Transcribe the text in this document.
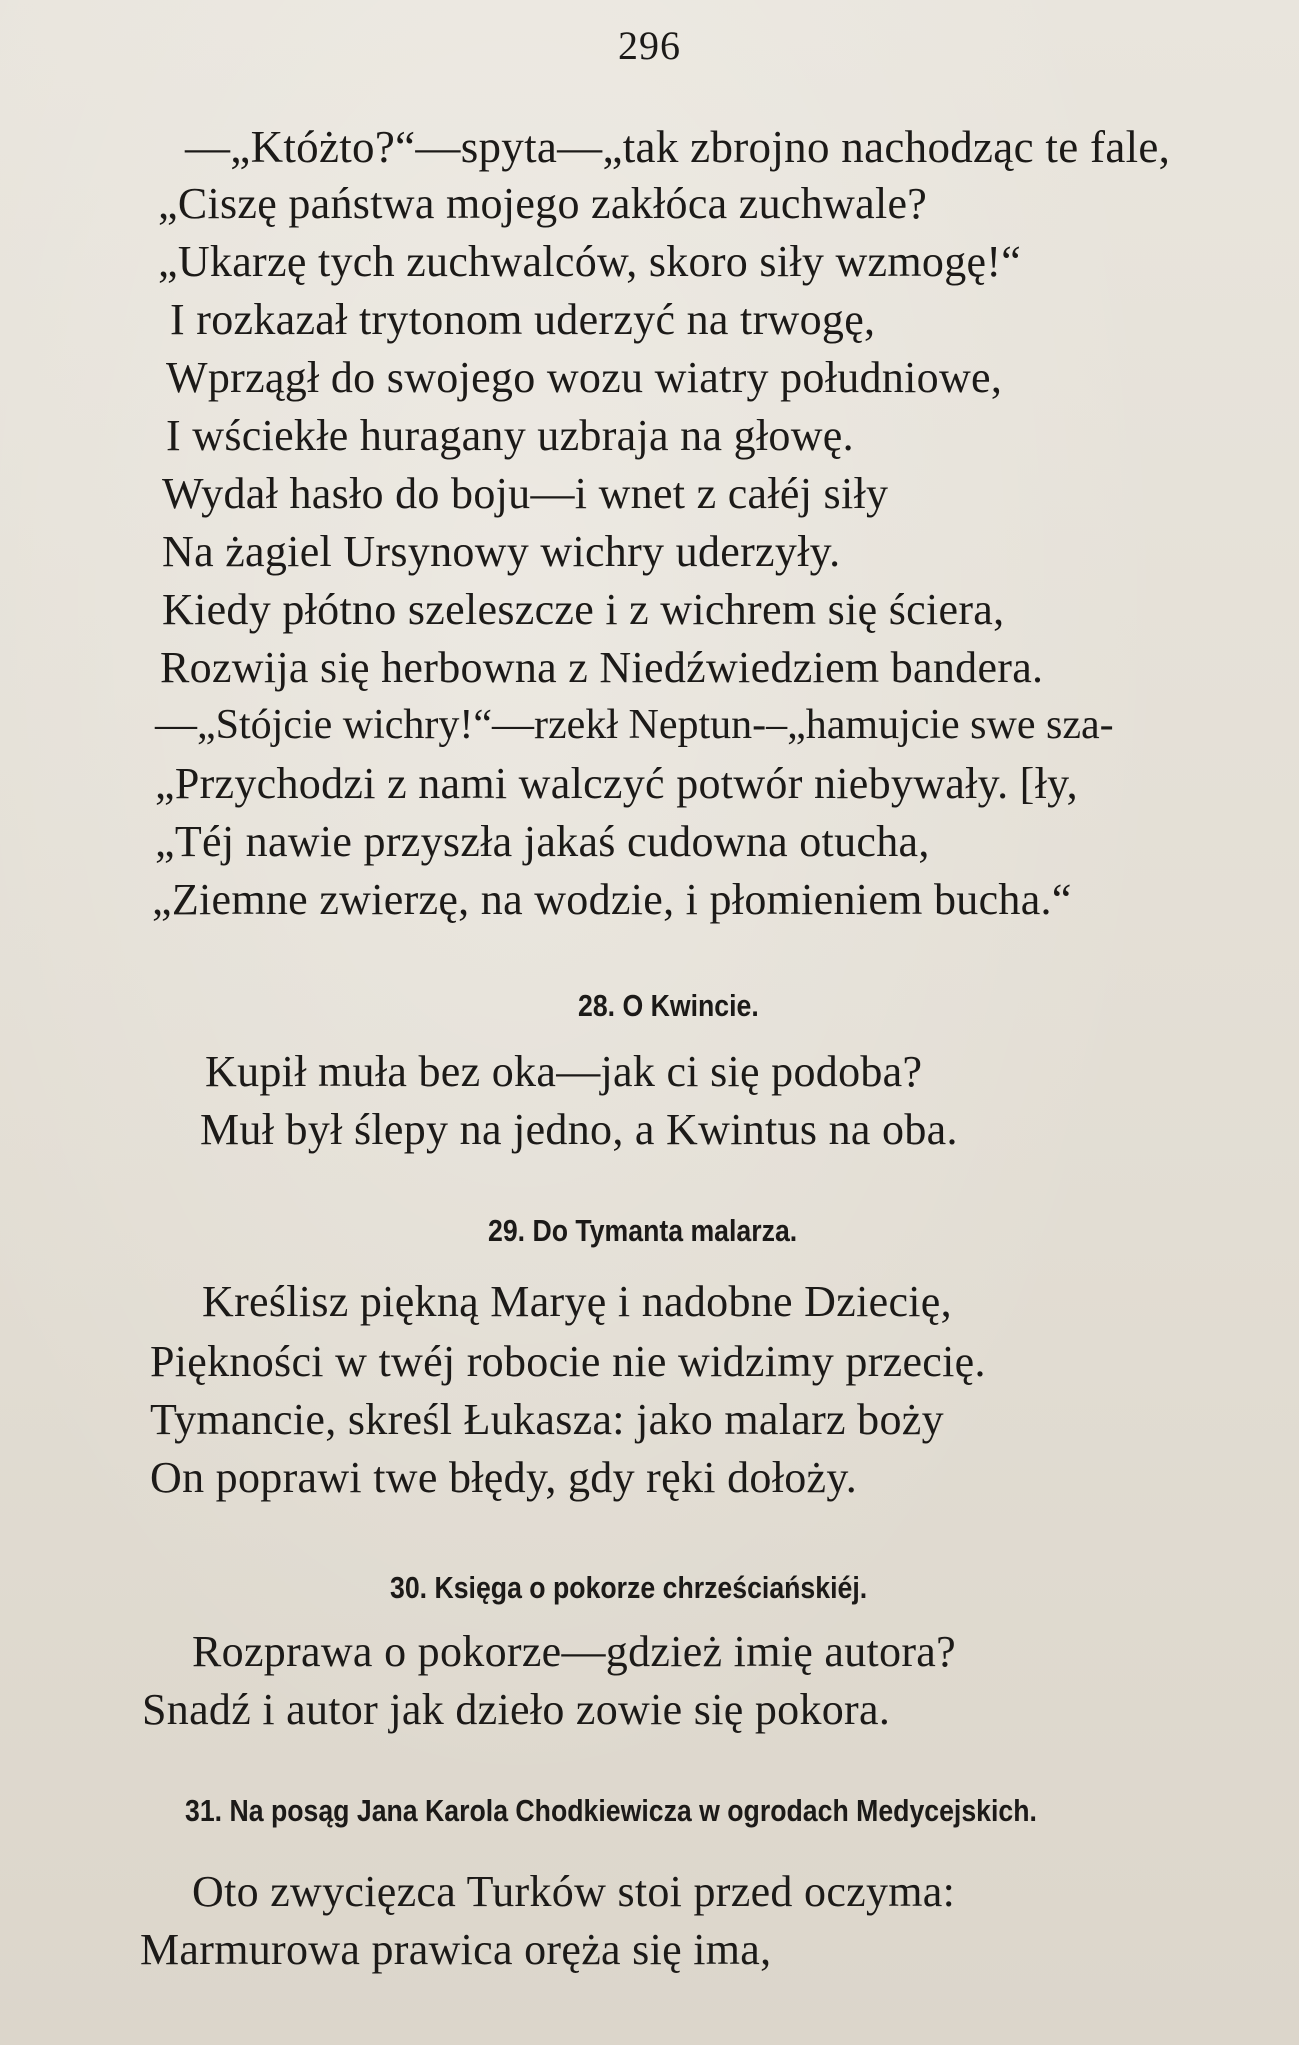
296
—„Któżto?“—spyta—„tak zbrojno nachodząc te fale,
„Ciszę państwa mojego zakłóca zuchwale?
„Ukarzę tych zuchwalców, skoro siły wzmogę!“
I rozkazał trytonom uderzyć na trwogę,
Wprzągł do swojego wozu wiatry południowe,
I wściekłe huragany uzbraja na głowę.
Wydał hasło do boju—i wnet z całéj siły
Na żagiel Ursynowy wichry uderzyły.
Kiedy płótno szeleszcze i z wichrem się ściera,
Rozwija się herbowna z Niedźwiedziem bandera.
—„Stójcie wichry!“—rzekł Neptun-–„hamujcie swe sza-
„Przychodzi z nami walczyć potwór niebywały. [ły,
„Téj nawie przyszła jakaś cudowna otucha,
„Ziemne zwierzę, na wodzie, i płomieniem bucha.“
28. O Kwincie.
Kupił muła bez oka—jak ci się podoba?
Muł był ślepy na jedno, a Kwintus na oba.
29. Do Tymanta malarza.
Kreślisz piękną Maryę i nadobne Dziecię,
Piękności w twéj robocie nie widzimy przecię.
Tymancie, skreśl Łukasza: jako malarz boży
On poprawi twe błędy, gdy ręki dołoży.
30. Księga o pokorze chrześciańskiéj.
Rozprawa o pokorze—gdzież imię autora?
Snadź i autor jak dzieło zowie się pokora.
31. Na posąg Jana Karola Chodkiewicza w ogrodach Medycejskich.
Oto zwycięzca Turków stoi przed oczyma:
Marmurowa prawica oręża się ima,
